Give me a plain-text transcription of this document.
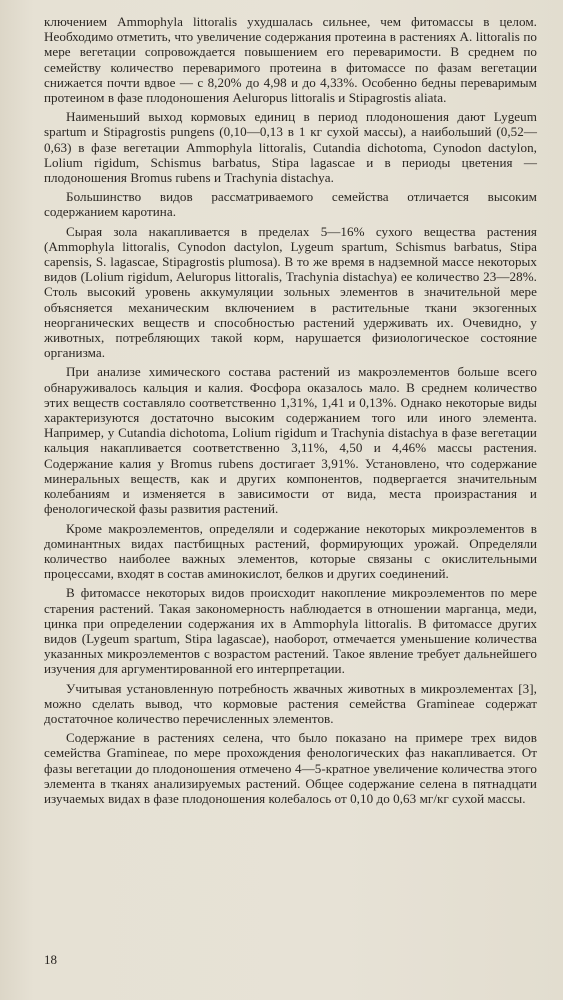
ключением Ammophyla littoralis ухудшалась сильнее, чем фитомассы в целом. Необходимо отметить, что увеличение содержания протеина в растениях A. littoralis по мере вегетации сопровождается повышением его переваримости. В среднем по семейству количество переваримого протеина в фитомассе по фазам вегетации снижается почти вдвое — с 8,20% до 4,98 и до 4,33%. Особенно бедны переваримым протеином в фазе плодоношения Aeluropus littoralis и Stipagrostis aliata.

Наименьший выход кормовых единиц в период плодоношения дают Lygeum spartum и Stipagrostis pungens (0,10—0,13 в 1 кг сухой массы), а наибольший (0,52—0,63) в фазе вегетации Ammophyla littoralis, Cutandia dichotoma, Cynodon dactylon, Lolium rigidum, Schismus barbatus, Stipa lagascae и в периоды цветения — плодоношения Bromus rubens и Trachynia distachya.

Большинство видов рассматриваемого семейства отличается высоким содержанием каротина.

Сырая зола накапливается в пределах 5—16% сухого вещества растения (Ammophyla littoralis, Cynodon dactylon, Lygeum spartum, Schismus barbatus, Stipa capensis, S. lagascae, Stipagrostis plumosa). В то же время в надземной массе некоторых видов (Lolium rigidum, Aeluropus littoralis, Trachynia distachya) ее количество 23—28%. Столь высокий уровень аккумуляции зольных элементов в значительной мере объясняется механическим включением в растительные ткани экзогенных неорганических веществ и способностью растений удерживать их. Очевидно, у животных, потребляющих такой корм, нарушается физиологическое состояние организма.

При анализе химического состава растений из макроэлементов больше всего обнаруживалось кальция и калия. Фосфора оказалось мало. В среднем количество этих веществ составляло соответственно 1,31%, 1,41 и 0,13%. Однако некоторые виды характеризуются достаточно высоким содержанием того или иного элемента. Например, у Cutandia dichotoma, Lolium rigidum и Trachynia distachya в фазе вегетации кальция накапливается соответственно 3,11%, 4,50 и 4,46% массы растения. Содержание калия у Bromus rubens достигает 3,91%. Установлено, что содержание минеральных веществ, как и других компонентов, подвергается значительным колебаниям и изменяется в зависимости от вида, места произрастания и фенологической фазы развития растений.

Кроме макроэлементов, определяли и содержание некоторых микроэлементов в доминантных видах пастбищных растений, формирующих урожай. Определяли количество наиболее важных элементов, которые связаны с окислительными процессами, входят в состав аминокислот, белков и других соединений.

В фитомассе некоторых видов происходит накопление микроэлементов по мере старения растений. Такая закономерность наблюдается в отношении марганца, меди, цинка при определении содержания их в Ammophyla littoralis. В фитомассе других видов (Lygeum spartum, Stipa lagascae), наоборот, отмечается уменьшение количества указанных микроэлементов с возрастом растений. Такое явление требует дальнейшего изучения для аргументированной его интерпретации.

Учитывая установленную потребность жвачных животных в микроэлементах [3], можно сделать вывод, что кормовые растения семейства Gramineae содержат достаточное количество перечисленных элементов.

Содержание в растениях селена, что было показано на примере трех видов семейства Gramineae, по мере прохождения фенологических фаз накапливается. От фазы вегетации до плодоношения отмечено 4—5-кратное увеличение количества этого элемента в тканях анализируемых растений. Общее содержание селена в пятнадцати изучаемых видах в фазе плодоношения колебалось от 0,10 до 0,63 мг/кг сухой массы.

18
